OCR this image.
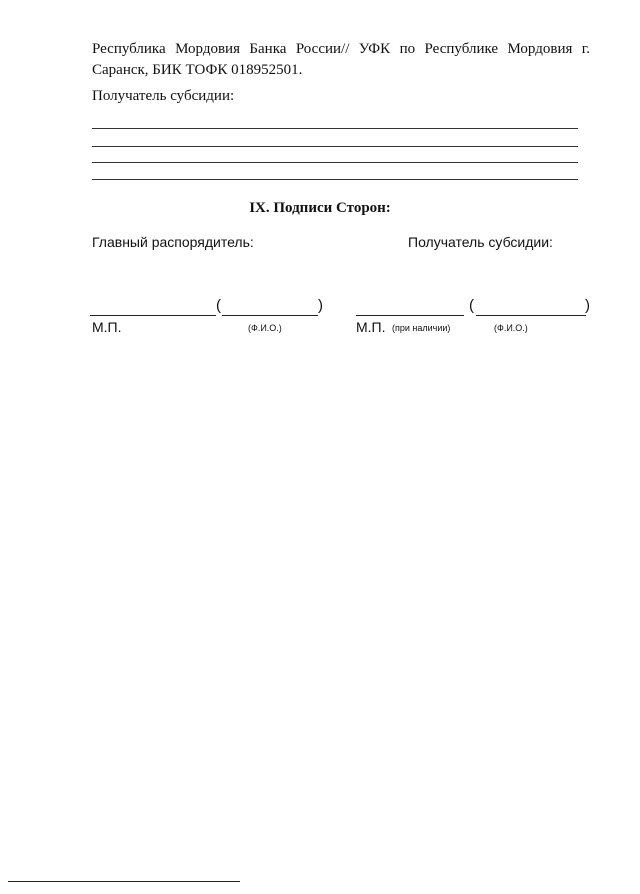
Республика Мордовия Банка России// УФК по Республике Мордовия г. Саранск, БИК ТОФК 018952501.
Получатель субсидии:
IX. Подписи Сторон:
Главный распорядитель:	Получатель субсидии:
(	)	(	)
М.П.	(Ф.И.О.)	М.П. (при наличии)	(Ф.И.О.)
